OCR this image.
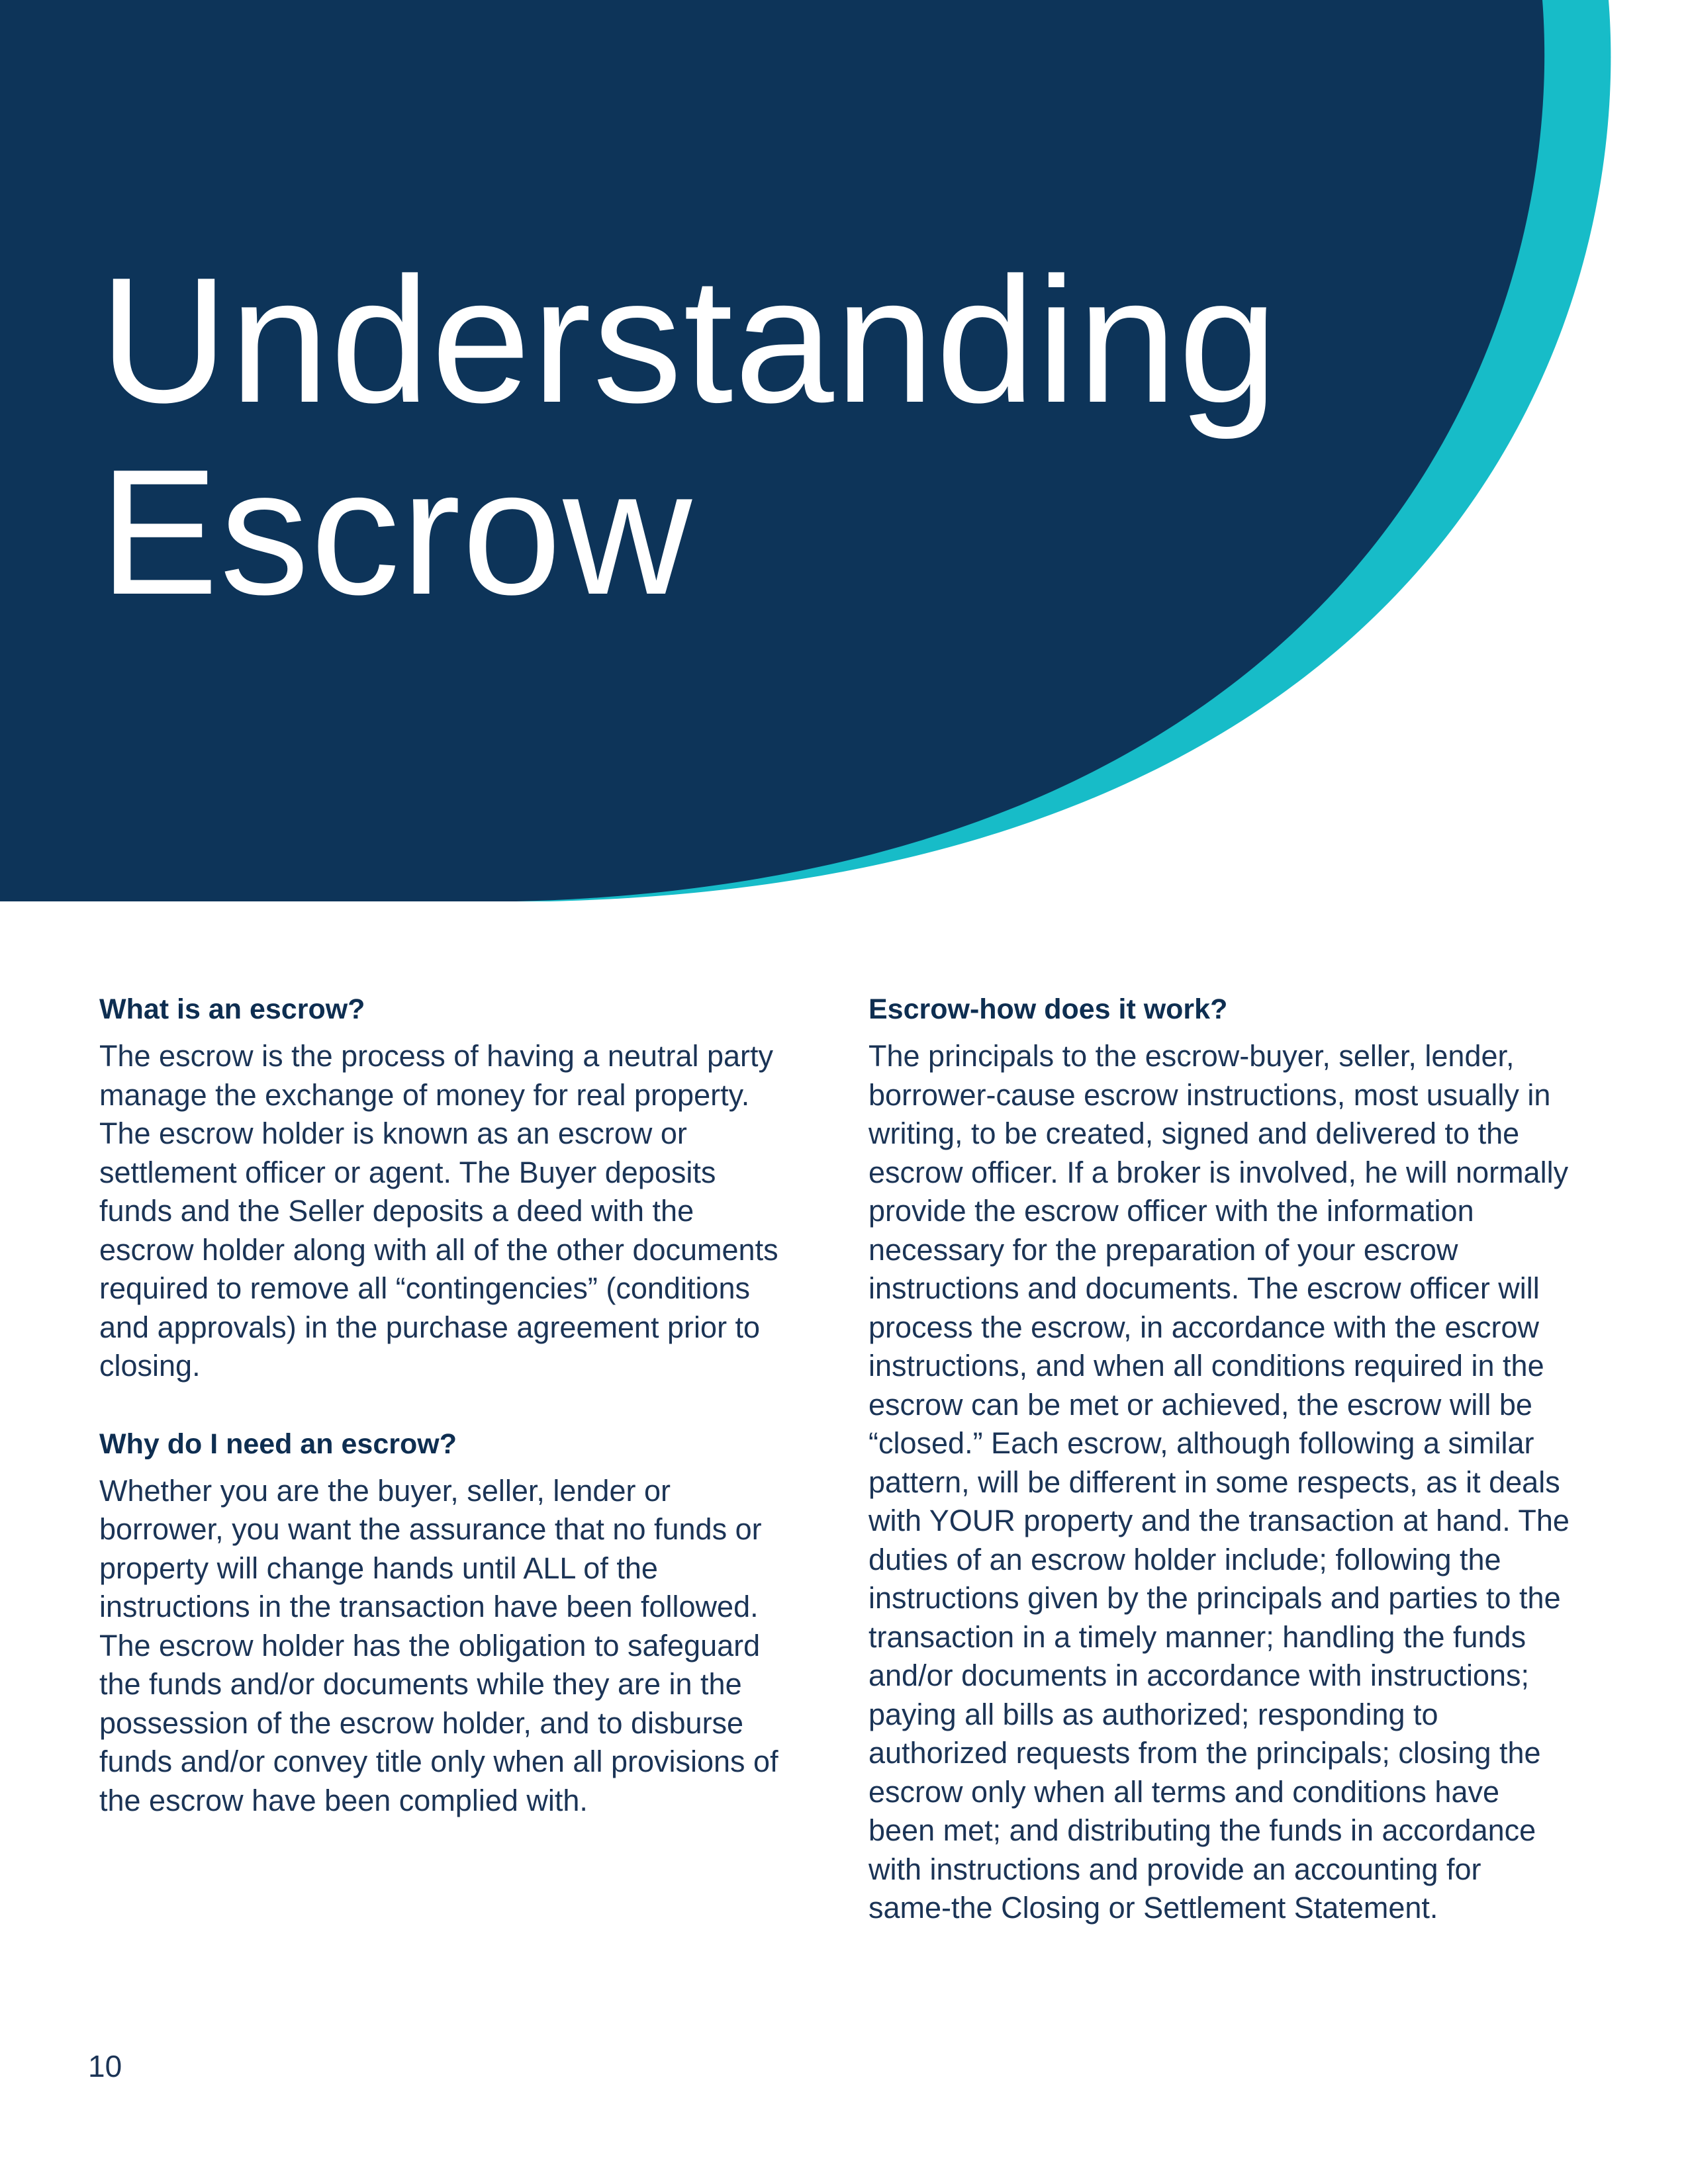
Understanding
Escrow
What is an escrow?

The escrow is the process of having a neutral party manage the exchange of money for real property. The escrow holder is known as an escrow or settlement officer or agent. The Buyer deposits funds and the Seller deposits a deed with the escrow holder along with all of the other documents required to remove all “contingencies” (conditions and approvals) in the purchase agreement prior to closing.

Why do I need an escrow?

Whether you are the buyer, seller, lender or borrower, you want the assurance that no funds or property will change hands until ALL of the instructions in the transaction have been followed. The escrow holder has the obligation to safeguard the funds and/or documents while they are in the possession of the escrow holder, and to disburse funds and/or convey title only when all provisions of the escrow have been complied with.

Escrow-how does it work?

The principals to the escrow-buyer, seller, lender, borrower-cause escrow instructions, most usually in writing, to be created, signed and delivered to the escrow officer. If a broker is involved, he will normally provide the escrow officer with the information necessary for the preparation of your escrow instructions and documents. The escrow officer will process the escrow, in accordance with the escrow instructions, and when all conditions required in the escrow can be met or achieved, the escrow will be “closed.” Each escrow, although following a similar pattern, will be different in some respects, as it deals with YOUR property and the transaction at hand. The duties of an escrow holder include; following the instructions given by the principals and parties to the transaction in a timely manner; handling the funds and/or documents in accordance with instructions; paying all bills as authorized; responding to authorized requests from the principals; closing the escrow only when all terms and conditions have been met; and distributing the funds in accordance with instructions and provide an accounting for same-the Closing or Settlement Statement.

10
